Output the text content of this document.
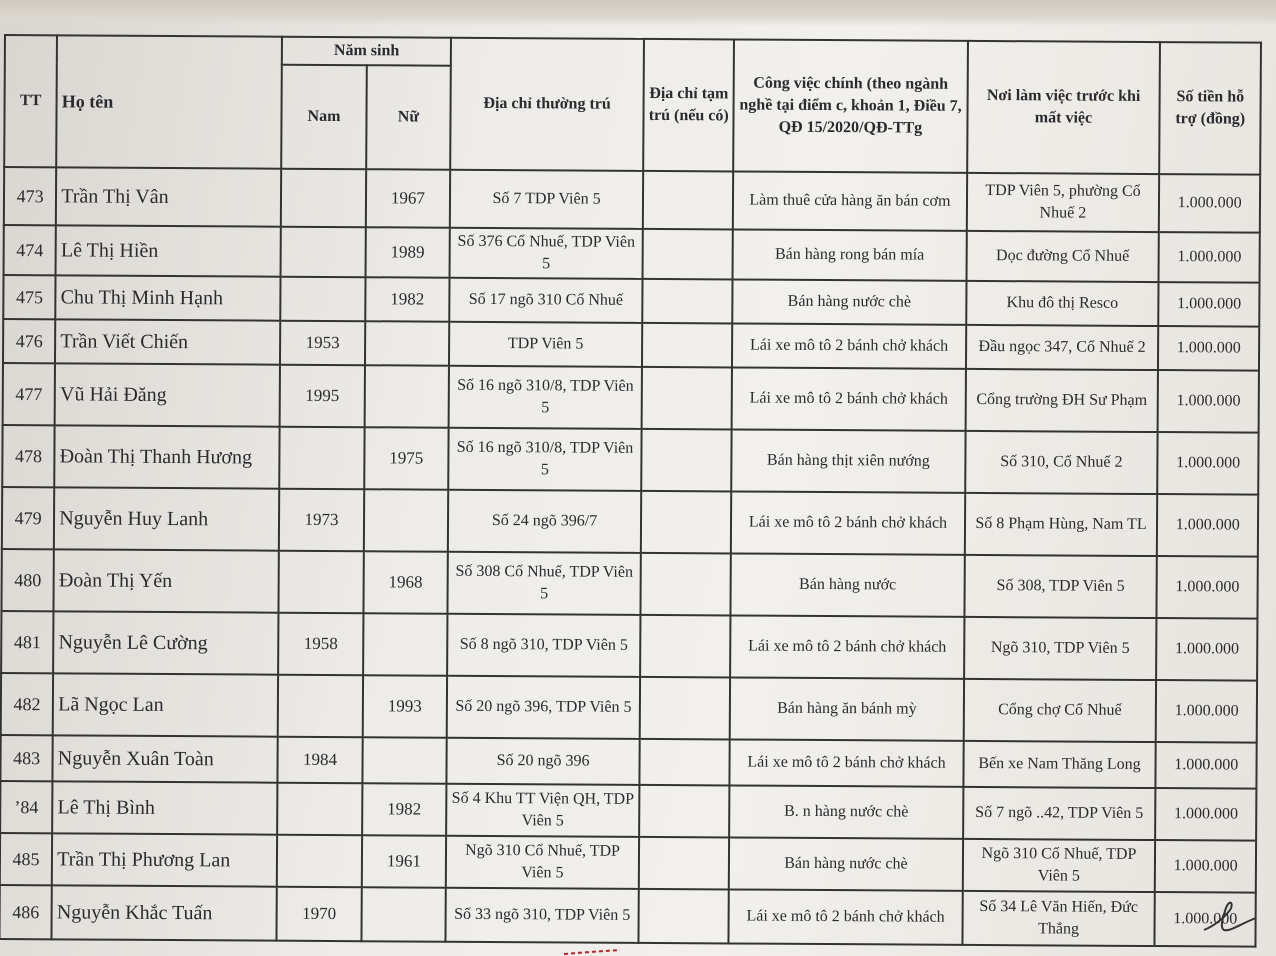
TT	Họ tên	Năm sinh		Địa chỉ thường trú	Địa chỉ tạm trú (nếu có)	Công việc chính (theo ngành nghề tại điểm c, khoản 1, Điều 7, QĐ 15/2020/QĐ-TTg	Nơi làm việc trước khi mất việc	Số tiền hỗ trợ (đồng)
		Nam	Nữ					
473	Trần Thị Vân		1967	Số 7 TDP Viên 5		Làm thuê cửa hàng ăn bán cơm	TDP Viên 5, phường Cổ Nhuế 2	1.000.000
474	Lê Thị Hiền		1989	Số 376 Cổ Nhuế, TDP Viên 5		Bán hàng rong bán mía	Dọc đường Cổ Nhuế	1.000.000
475	Chu Thị Minh Hạnh		1982	Số 17 ngõ 310 Cổ Nhuế		Bán hàng nước chè	Khu đô thị Resco	1.000.000
476	Trần Viết Chiến	1953		TDP Viên 5		Lái xe mô tô 2 bánh chở khách	Đầu ngọc 347, Cổ Nhuế 2	1.000.000
477	Vũ Hải Đăng	1995		Số 16 ngõ 310/8, TDP Viên 5		Lái xe mô tô 2 bánh chở khách	Cổng trường ĐH Sư Phạm	1.000.000
478	Đoàn Thị Thanh Hương		1975	Số 16 ngõ 310/8, TDP Viên 5		Bán hàng thịt xiên nướng	Số 310, Cổ Nhuế 2	1.000.000
479	Nguyễn Huy Lanh	1973		Số 24 ngõ 396/7		Lái xe mô tô 2 bánh chở khách	Số 8 Phạm Hùng, Nam TL	1.000.000
480	Đoàn Thị Yến		1968	Số 308 Cổ Nhuế, TDP Viên 5		Bán hàng nước	Số 308, TDP Viên 5	1.000.000
481	Nguyễn Lê Cường	1958		Số 8 ngõ 310, TDP Viên 5		Lái xe mô tô 2 bánh chở khách	Ngõ 310, TDP Viên 5	1.000.000
482	Lã Ngọc Lan		1993	Số 20 ngõ 396, TDP Viên 5		Bán hàng ăn bánh mỳ	Cổng chợ Cổ Nhuế	1.000.000
483	Nguyễn Xuân Toàn	1984		Số 20 ngõ 396		Lái xe mô tô 2 bánh chở khách	Bến xe Nam Thăng Long	1.000.000
’84	Lê Thị Bình		1982	Số 4 Khu TT Viện QH, TDP Viên 5		B. n hàng nước chè	Số 7 ngõ ..42, TDP Viên 5	1.000.000
485	Trần Thị Phương Lan		1961	Ngõ 310 Cổ Nhuế, TDP Viên 5		Bán hàng nước chè	Ngõ 310 Cổ Nhuế, TDP Viên 5	1.000.000
486	Nguyễn Khắc Tuấn	1970		Số 33 ngõ 310, TDP Viên 5		Lái xe mô tô 2 bánh chở khách	Số 34 Lê Văn Hiến, Đức Thắng	1.000.000
